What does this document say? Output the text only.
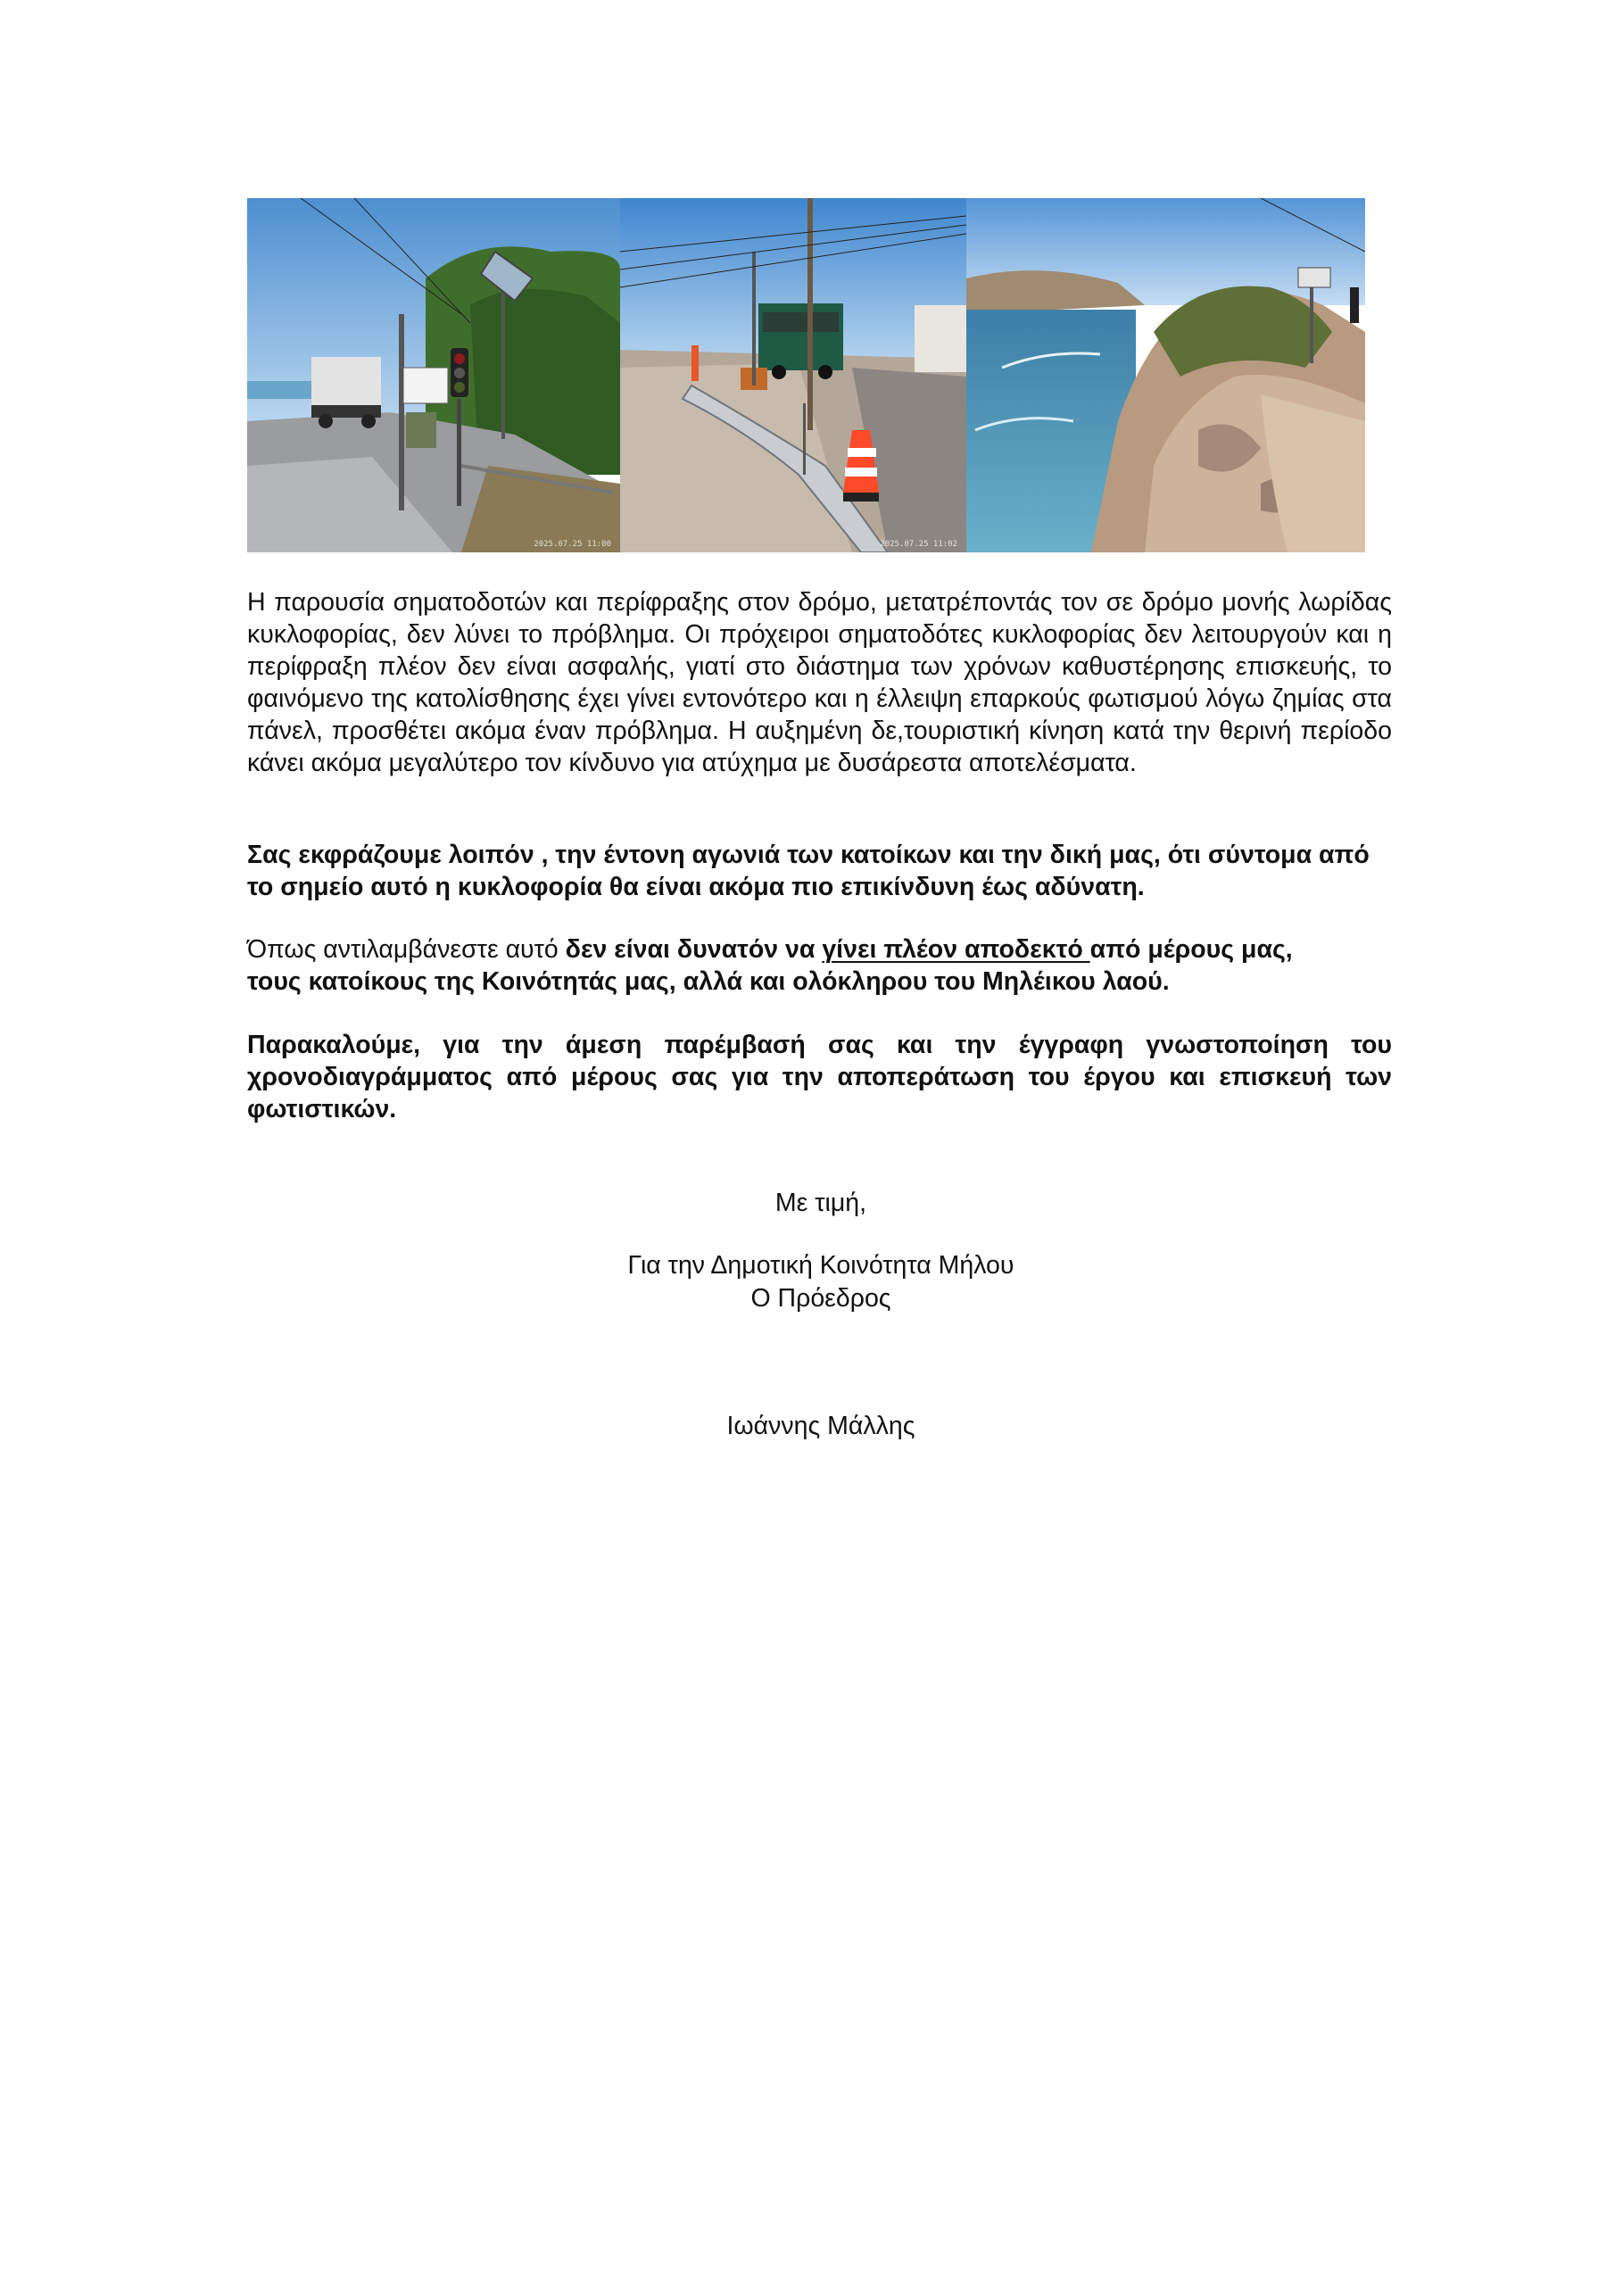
2025.07.25 11:00	2025.07.25 11:02

Η παρουσία σηματοδοτών και περίφραξης στον δρόμο, μετατρέποντάς τον σε δρόμο μονής λωρίδας κυκλοφορίας, δεν λύνει το πρόβλημα. Οι πρόχειροι σηματοδότες κυκλοφορίας δεν λειτουργούν και η περίφραξη πλέον δεν είναι ασφαλής, γιατί στο διάστημα των χρόνων καθυστέρησης επισκευής, το φαινόμενο της κατολίσθησης έχει γίνει εντονότερο και η έλλειψη επαρκούς φωτισμού λόγω ζημίας στα πάνελ, προσθέτει ακόμα έναν πρόβλημα. Η αυξημένη δε,τουριστική κίνηση κατά την θερινή περίοδο κάνει ακόμα μεγαλύτερο τον κίνδυνο για ατύχημα με δυσάρεστα αποτελέσματα.

Σας εκφράζουμε λοιπόν , την έντονη αγωνιά των κατοίκων και την δική μας, ότι σύντομα από το σημείο αυτό η κυκλοφορία θα είναι ακόμα πιο επικίνδυνη έως αδύνατη.

Όπως αντιλαμβάνεστε αυτό δεν είναι δυνατόν να γίνει πλέον αποδεκτό από μέρους μας,
τους κατοίκους της Κοινότητάς μας, αλλά και ολόκληρου του Μηλέικου λαού.

Παρακαλούμε, για την άμεση παρέμβασή σας και την έγγραφη γνωστοποίηση του χρονοδιαγράμματος από μέρους σας για την αποπεράτωση του έργου και επισκευή των φωτιστικών.

Με τιμή,
Για την Δημοτική Κοινότητα Μήλου
Ο Πρόεδρος
Ιωάννης Μάλλης
